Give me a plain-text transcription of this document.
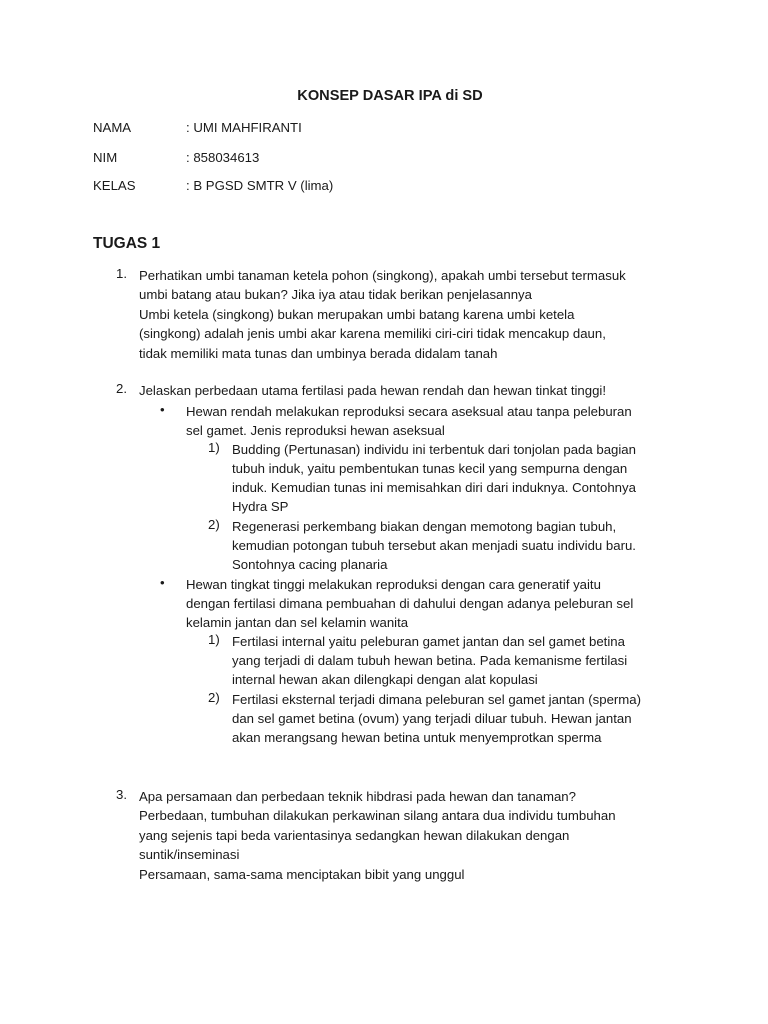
KONSEP DASAR IPA di SD
NAMA	: UMI MAHFIRANTI
NIM	: 858034613
KELAS	: B PGSD SMTR V (lima)
TUGAS 1
1. Perhatikan umbi tanaman ketela pohon (singkong), apakah umbi tersebut termasuk
umbi batang atau bukan? Jika iya atau tidak berikan penjelasannya
Umbi ketela (singkong) bukan merupakan umbi batang karena umbi ketela
(singkong) adalah jenis umbi akar karena memiliki ciri-ciri tidak mencakup daun,
tidak memiliki mata tunas dan umbinya berada didalam tanah
2. Jelaskan perbedaan utama fertilasi pada hewan rendah dan hewan tinkat tinggi!
• Hewan rendah melakukan reproduksi secara aseksual atau tanpa peleburan
sel gamet. Jenis reproduksi hewan aseksual
1) Budding (Pertunasan) individu ini terbentuk dari tonjolan pada bagian
tubuh induk, yaitu pembentukan tunas kecil yang sempurna dengan
induk. Kemudian tunas ini memisahkan diri dari induknya. Contohnya
Hydra SP
2) Regenerasi perkembang biakan dengan memotong bagian tubuh,
kemudian potongan tubuh tersebut akan menjadi suatu individu baru.
Sontohnya cacing planaria
• Hewan tingkat tinggi melakukan reproduksi dengan cara generatif yaitu
dengan fertilasi dimana pembuahan di dahului dengan adanya peleburan sel
kelamin jantan dan sel kelamin wanita
1) Fertilasi internal yaitu peleburan gamet jantan dan sel gamet betina
yang terjadi di dalam tubuh hewan betina. Pada kemanisme fertilasi
internal hewan akan dilengkapi dengan alat kopulasi
2) Fertilasi eksternal terjadi dimana peleburan sel gamet jantan (sperma)
dan sel gamet betina (ovum) yang terjadi diluar tubuh. Hewan jantan
akan merangsang hewan betina untuk menyemprotkan sperma
3. Apa persamaan dan perbedaan teknik hibdrasi pada hewan dan tanaman?
Perbedaan, tumbuhan dilakukan perkawinan silang antara dua individu tumbuhan
yang sejenis tapi beda varientasinya sedangkan hewan dilakukan dengan
suntik/inseminasi
Persamaan, sama-sama menciptakan bibit yang unggul
